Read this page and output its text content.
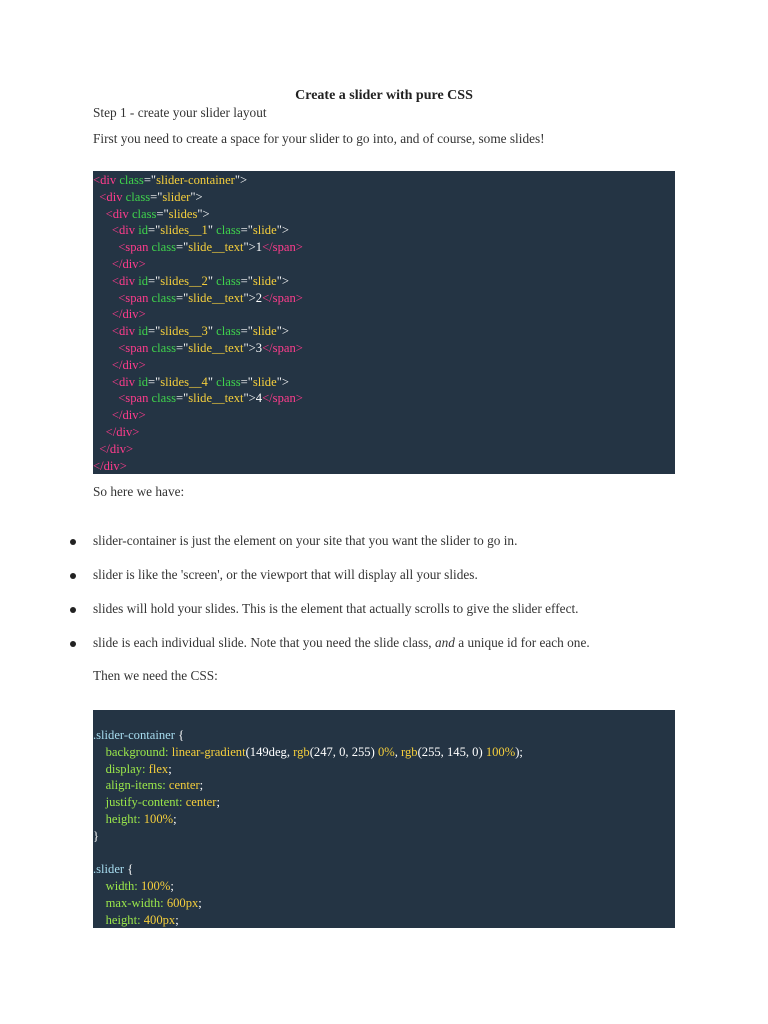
Create a slider with pure CSS
Step 1 - create your slider layout
First you need to create a space for your slider to go into, and of course, some slides!
<div class="slider-container">
<div class="slider">
<div class="slides">
<div id="slides__1" class="slide">
<span class="slide__text">1</span>
</div>
<div id="slides__2" class="slide">
<span class="slide__text">2</span>
</div>
<div id="slides__3" class="slide">
<span class="slide__text">3</span>
</div>
<div id="slides__4" class="slide">
<span class="slide__text">4</span>
</div>
</div>
</div>
</div>
So here we have:
slider-container is just the element on your site that you want the slider to go in.
slider is like the 'screen', or the viewport that will display all your slides.
slides will hold your slides. This is the element that actually scrolls to give the slider effect.
slide is each individual slide. Note that you need the slide class, and a unique id for each one.
Then we need the CSS:
.slider-container {
background: linear-gradient(149deg, rgb(247, 0, 255) 0%, rgb(255, 145, 0) 100%);
display: flex;
align-items: center;
justify-content: center;
height: 100%;
}

.slider {
width: 100%;
max-width: 600px;
height: 400px;
